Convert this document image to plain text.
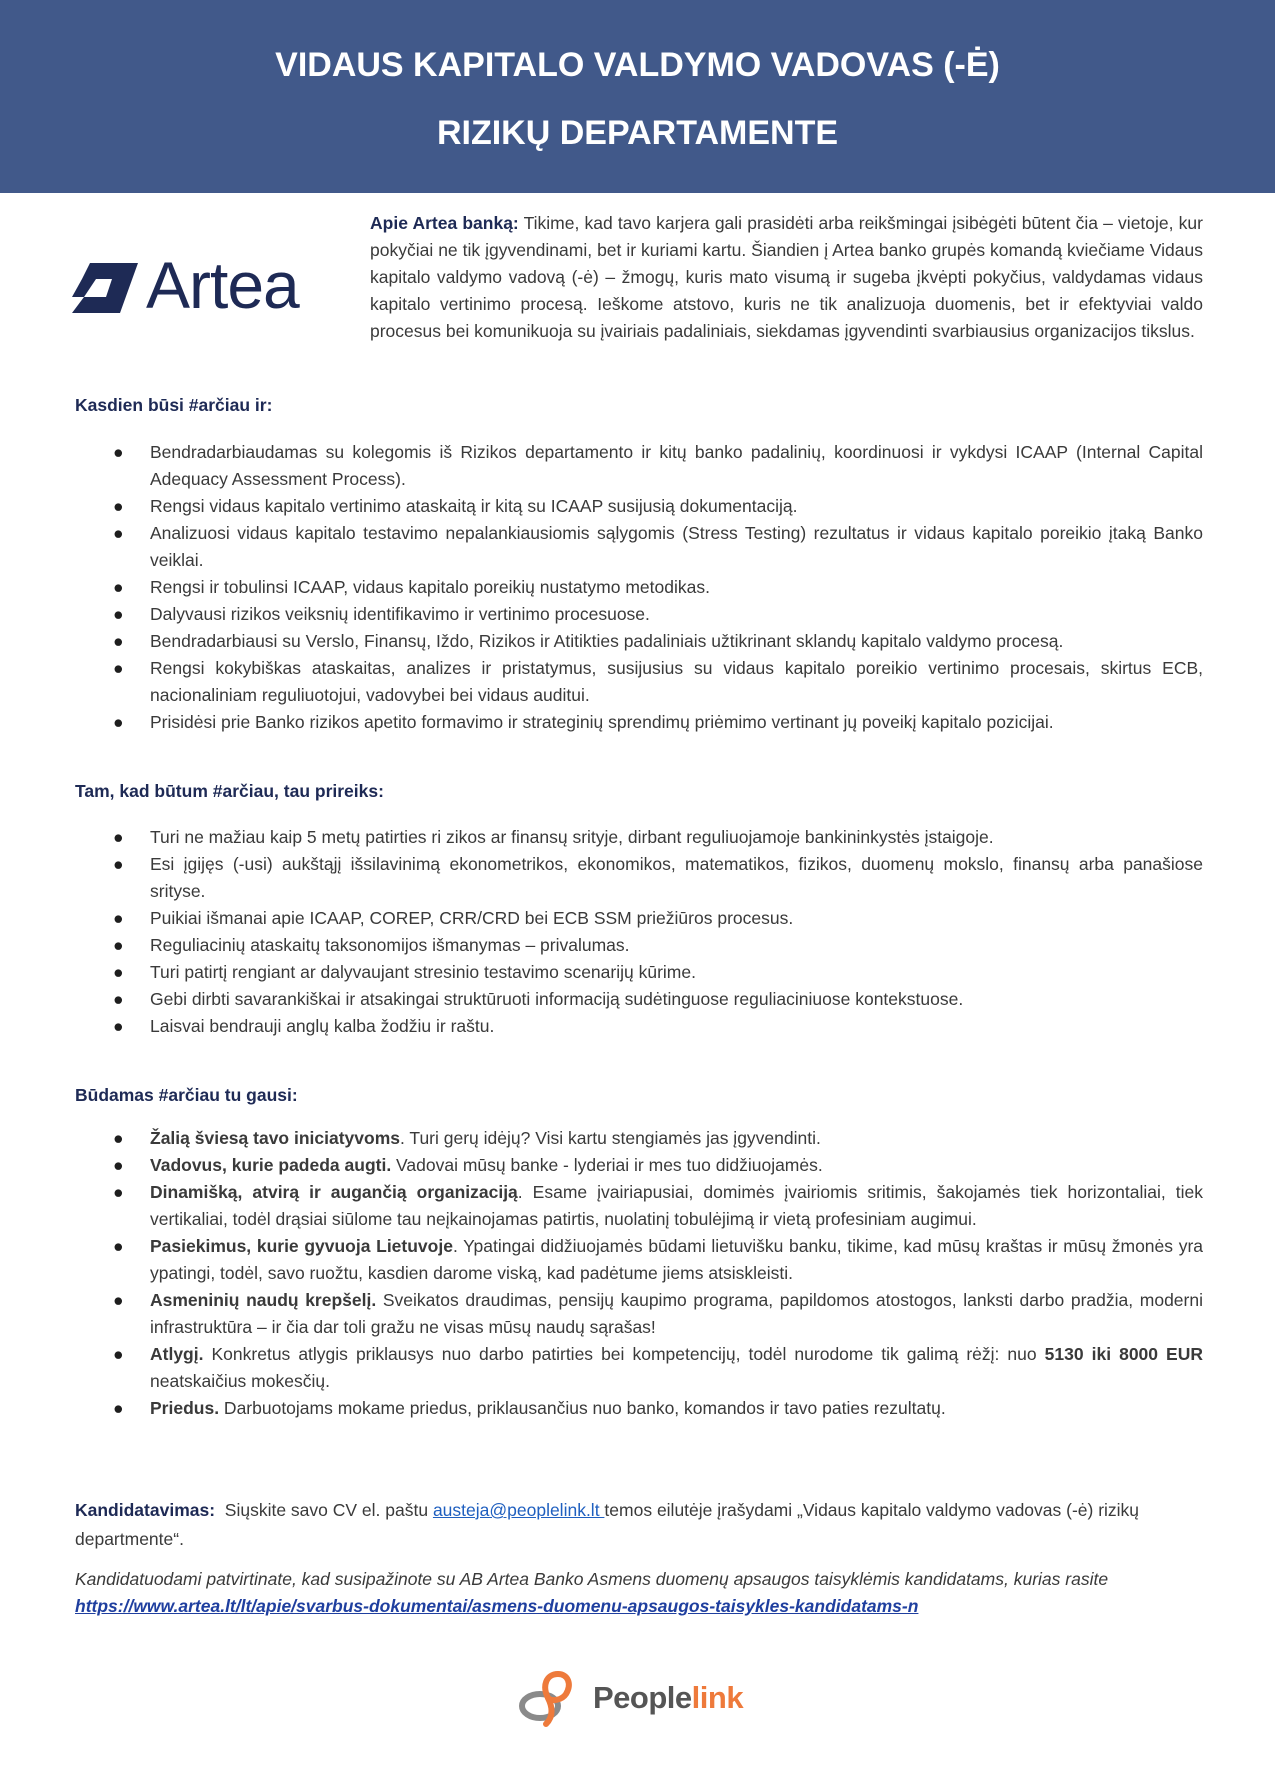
VIDAUS KAPITALO VALDYMO VADOVAS (-Ė)
RIZIKŲ DEPARTAMENTE
Artea
Apie Artea banką: Tikime, kad tavo karjera gali prasidėti arba reikšmingai įsibėgėti būtent čia – vietoje, kur pokyčiai ne tik įgyvendinami, bet ir kuriami kartu. Šiandien į Artea banko grupės komandą kviečiame Vidaus kapitalo valdymo vadovą (-ė) – žmogų, kuris mato visumą ir sugeba įkvėpti pokyčius, valdydamas vidaus kapitalo vertinimo procesą. Ieškome atstovo, kuris ne tik analizuoja duomenis, bet ir efektyviai valdo procesus bei komunikuoja su įvairiais padaliniais, siekdamas įgyvendinti svarbiausius organizacijos tikslus.
Kasdien būsi #arčiau ir:
● Bendradarbiaudamas su kolegomis iš Rizikos departamento ir kitų banko padalinių, koordinuosi ir vykdysi ICAAP (Internal Capital Adequacy Assessment Process).
● Rengsi vidaus kapitalo vertinimo ataskaitą ir kitą su ICAAP susijusią dokumentaciją.
● Analizuosi vidaus kapitalo testavimo nepalankiausiomis sąlygomis (Stress Testing) rezultatus ir vidaus kapitalo poreikio įtaką Banko veiklai.
● Rengsi ir tobulinsi ICAAP, vidaus kapitalo poreikių nustatymo metodikas.
● Dalyvausi rizikos veiksnių identifikavimo ir vertinimo procesuose.
● Bendradarbiausi su Verslo, Finansų, Iždo, Rizikos ir Atitikties padaliniais užtikrinant sklandų kapitalo valdymo procesą.
● Rengsi kokybiškas ataskaitas, analizes ir pristatymus, susijusius su vidaus kapitalo poreikio vertinimo procesais, skirtus ECB, nacionaliniam reguliuotojui, vadovybei bei vidaus auditui.
● Prisidėsi prie Banko rizikos apetito formavimo ir strateginių sprendimų priėmimo vertinant jų poveikį kapitalo pozicijai.
Tam, kad būtum #arčiau, tau prireiks:
● Turi ne mažiau kaip 5 metų patirties ri zikos ar finansų srityje, dirbant reguliuojamoje bankininkystės įstaigoje.
● Esi įgijęs (-usi) aukštąjį išsilavinimą ekonometrikos, ekonomikos, matematikos, fizikos, duomenų mokslo, finansų arba panašiose srityse.
● Puikiai išmanai apie ICAAP, COREP, CRR/CRD bei ECB SSM priežiūros procesus.
● Reguliacinių ataskaitų taksonomijos išmanymas – privalumas.
● Turi patirtį rengiant ar dalyvaujant stresinio testavimo scenarijų kūrime.
● Gebi dirbti savarankiškai ir atsakingai struktūruoti informaciją sudėtinguose reguliaciniuose kontekstuose.
● Laisvai bendrauji anglų kalba žodžiu ir raštu.
Būdamas #arčiau tu gausi:
● Žalią šviesą tavo iniciatyvoms. Turi gerų idėjų? Visi kartu stengiamės jas įgyvendinti.
● Vadovus, kurie padeda augti. Vadovai mūsų banke - lyderiai ir mes tuo didžiuojamės.
● Dinamišką, atvirą ir augančią organizaciją. Esame įvairiapusiai, domimės įvairiomis sritimis, šakojamės tiek horizontaliai, tiek vertikaliai, todėl drąsiai siūlome tau neįkainojamas patirtis, nuolatinį tobulėjimą ir vietą profesiniam augimui.
● Pasiekimus, kurie gyvuoja Lietuvoje. Ypatingai didžiuojamės būdami lietuvišku banku, tikime, kad mūsų kraštas ir mūsų žmonės yra ypatingi, todėl, savo ruožtu, kasdien darome viską, kad padėtume jiems atsiskleisti.
● Asmeninių naudų krepšelį. Sveikatos draudimas, pensijų kaupimo programa, papildomos atostogos, lanksti darbo pradžia, moderni infrastruktūra – ir čia dar toli gražu ne visas mūsų naudų sąrašas!
● Atlygį. Konkretus atlygis priklausys nuo darbo patirties bei kompetencijų, todėl nurodome tik galimą rėžį: nuo 5130 iki 8000 EUR neatskaičius mokesčių.
● Priedus. Darbuotojams mokame priedus, priklausančius nuo banko, komandos ir tavo paties rezultatų.
Kandidatavimas:  Siųskite savo CV el. paštu austeja@peoplelink.lt temos eilutėje įrašydami „Vidaus kapitalo valdymo vadovas (-ė) rizikų departmente“.
Kandidatuodami patvirtinate, kad susipažinote su AB Artea Banko Asmens duomenų apsaugos taisyklėmis kandidatams, kurias rasite https://www.artea.lt/lt/apie/svarbus-dokumentai/asmens-duomenu-apsaugos-taisykles-kandidatams-n
Peoplelink
